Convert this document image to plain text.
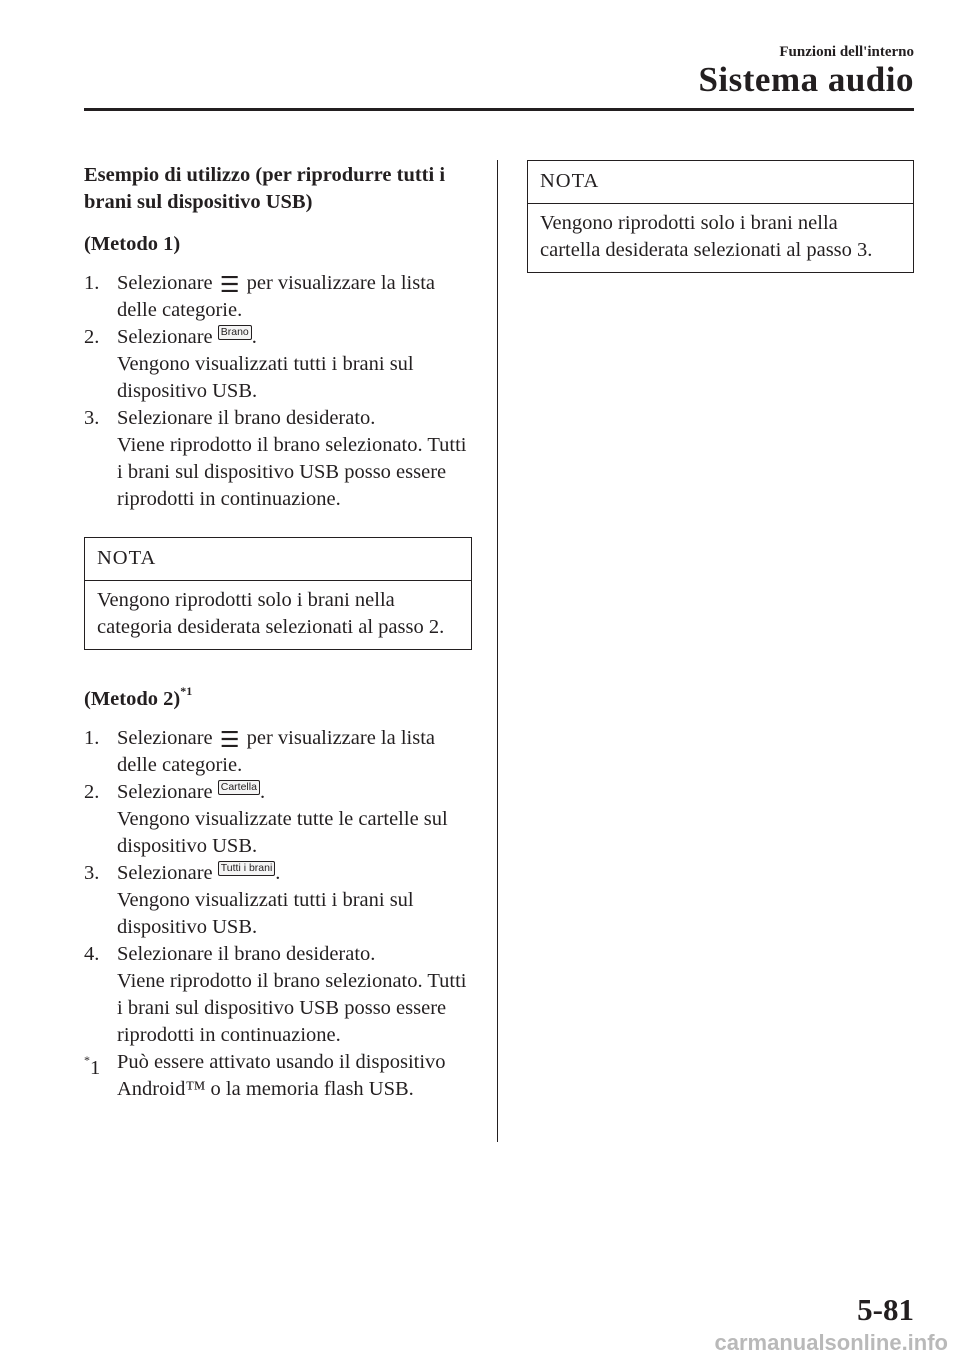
Funzioni dell'interno
Sistema audio

Esempio di utilizzo (per riprodurre tutti i brani sul dispositivo USB)

(Metodo 1)

1. Selezionare ☰ per visualizzare la lista delle categorie.
2. Selezionare Brano .
Vengono visualizzati tutti i brani sul dispositivo USB.
3. Selezionare il brano desiderato.
Viene riprodotto il brano selezionato. Tutti i brani sul dispositivo USB posso essere riprodotti in continuazione.
NOTA
Vengono riprodotti solo i brani nella categoria desiderata selezionati al passo 2.

(Metodo 2)$^{*1}$

1. Selezionare ☰ per visualizzare la lista delle categorie.
2. Selezionare Cartella .
Vengono visualizzate tutte le cartelle sul dispositivo USB.
3. Selezionare Tutti i brani .
Vengono visualizzati tutti i brani sul dispositivo USB.
4. Selezionare il brano desiderato.
Viene riprodotto il brano selezionato. Tutti i brani sul dispositivo USB posso essere riprodotti in continuazione.
*1 Può essere attivato usando il dispositivo Android™ o la memoria flash USB.
NOTA
Vengono riprodotti solo i brani nella cartella desiderata selezionati al passo 3.
5-81
carmanualsonline.info
